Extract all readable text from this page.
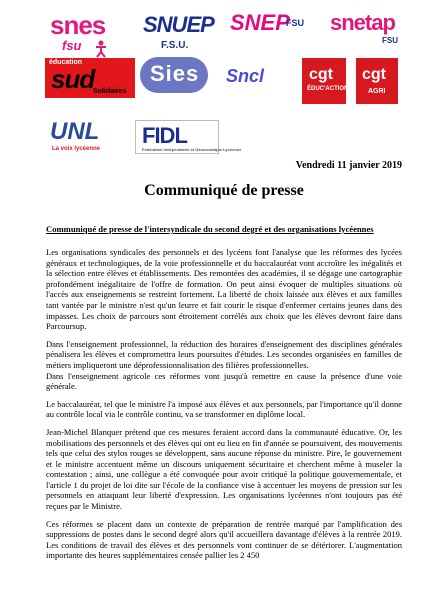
snes
fsu
SNUEP
F.S.U.
SNEP
FSU snetap
FSU
éducation
sud
Solidaires
Sies Sncl	cgt
ÉDUC'ACTION
cgt
AGRI
UNL
La voix lycéenne
FIDL
Fédération Indépendante et Démocratique Lycéenne

Vendredi 11 janvier 2019

Communiqué de presse

Communiqué de presse de l'intersyndicale du second degré et des organisations lycéennes

Les organisations syndicales des personnels et des lycéens font l'analyse que les réformes des lycées généraux et technologiques, de la voie professionnelle et du baccalauréat vont accroître les inégalités et la sélection entre élèves et établissements. Des remontées des académies, il se dégage une cartographie profondément inégalitaire de l'offre de formation. On peut ainsi évoquer de multiples situations où l'accès aux enseignements se restreint fortement. La liberté de choix laissée aux élèves et aux familles tant vantée par le ministre n'est qu'un leurre et fait courir le risque d'enfermer certains jeunes dans des impasses. Les choix de parcours sont étroitement corrélés aux choix que les élèves devront faire dans Parcoursup.

Dans l'enseignement professionnel, la réduction des horaires d'enseignement des disciplines générales pénalisera les élèves et compromettra leurs poursuites d'études. Les secondes organisées en familles de métiers impliqueront une déprofessionnalisation des filières professionnelles.

Dans l'enseignement agricole ces réformes vont jusqu'à remettre en cause la présence d'une voie générale.

Le baccalauréat, tel que le ministre l'a imposé aux élèves et aux personnels, par l'importance qu'il donne au contrôle local via le contrôle continu, va se transformer en diplôme local.

Jean-Michel Blanquer prétend que ces mesures feraient accord dans la communauté éducative. Or, les mobilisations des personnels et des élèves qui ont eu lieu en fin d'année se poursuivent, des mouvements tels que celui des stylos rouges se développent, sans aucune réponse du ministre. Pire, le gouvernement et le ministre accentuent même un discours uniquement sécuritaire et cherchent même à museler la contestation ; ainsi, une collègue a été convoquée pour avoir critiqué la politique gouvernementale, et l'article 1 du projet de loi dite sur l'école de la confiance vise à accentuer les moyens de pression sur les personnels en attaquant leur liberté d'expression. Les organisations lycéennes n'ont toujours pas été reçues par le Ministre.

Ces réformes se placent dans un contexte de préparation de rentrée marqué par l'amplification des suppressions de postes dans le second degré alors qu'il accueillera davantage d'élèves à la rentrée 2019. Les conditions de travail des élèves et des personnels vont continuer de se détériorer. L'augmentation importante des heures supplémentaires censée pallier les 2 450
